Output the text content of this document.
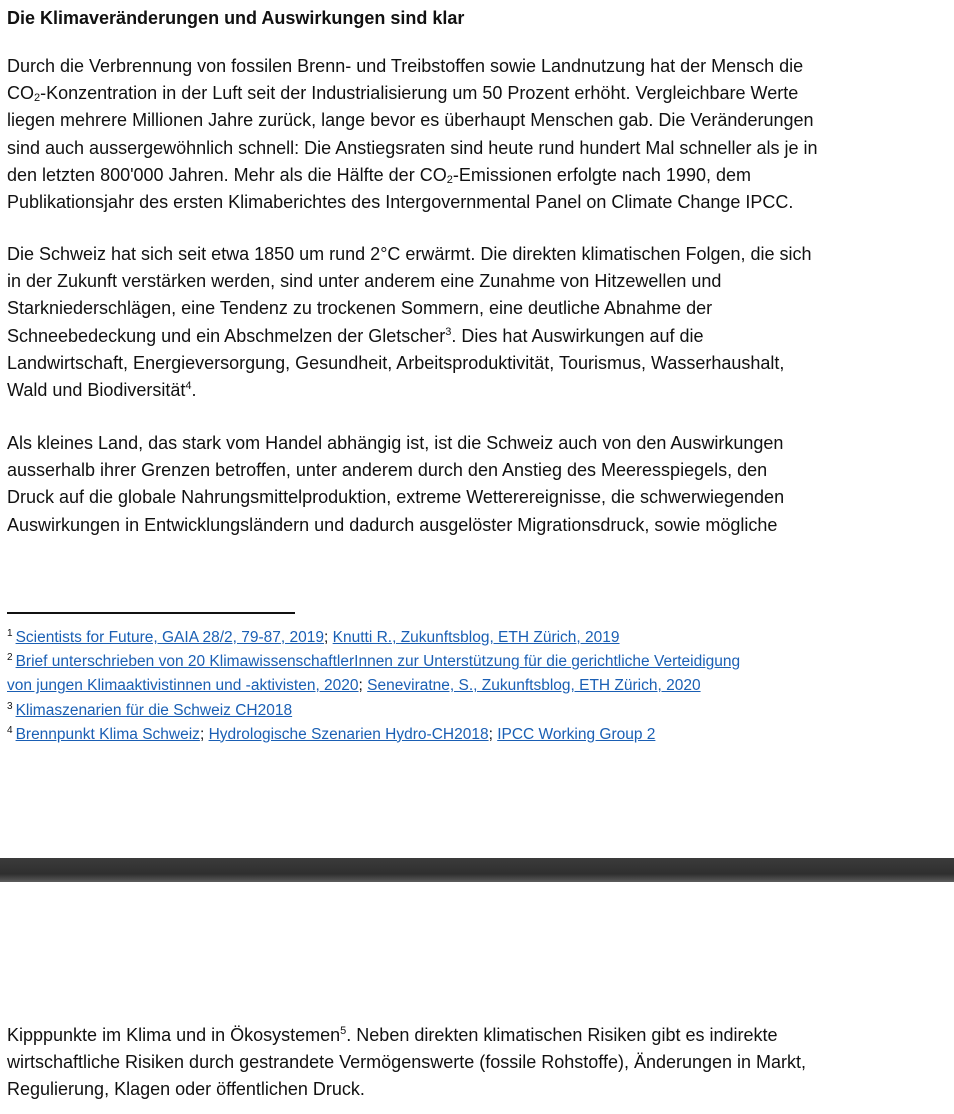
Die Klimaveränderungen und Auswirkungen sind klar

Durch die Verbrennung von fossilen Brenn- und Treibstoffen sowie Landnutzung hat der Mensch die
$CO_2$-Konzentration in der Luft seit der Industrialisierung um 50 Prozent erhöht. Vergleichbare Werte
liegen mehrere Millionen Jahre zurück, lange bevor es überhaupt Menschen gab. Die Veränderungen
sind auch aussergewöhnlich schnell: Die Anstiegsraten sind heute rund hundert Mal schneller als je in
den letzten 800'000 Jahren. Mehr als die Hälfte der $CO_2$-Emissionen erfolgte nach 1990, dem
Publikationsjahr des ersten Klimaberichtes des Intergovernmental Panel on Climate Change IPCC.

Die Schweiz hat sich seit etwa 1850 um rund 2°C erwärmt. Die direkten klimatischen Folgen, die sich
in der Zukunft verstärken werden, sind unter anderem eine Zunahme von Hitzewellen und
Starkniederschlägen, eine Tendenz zu trockenen Sommern, eine deutliche Abnahme der
Schneebedeckung und ein Abschmelzen der Gletscher$^3$. Dies hat Auswirkungen auf die
Landwirtschaft, Energieversorgung, Gesundheit, Arbeitsproduktivität, Tourismus, Wasserhaushalt,
Wald und Biodiversität$^4$.

Als kleines Land, das stark vom Handel abhängig ist, ist die Schweiz auch von den Auswirkungen
ausserhalb ihrer Grenzen betroffen, unter anderem durch den Anstieg des Meeresspiegels, den
Druck auf die globale Nahrungsmittelproduktion, extreme Wetterereignisse, die schwerwiegenden
Auswirkungen in Entwicklungsländern und dadurch ausgelöster Migrationsdruck, sowie mögliche

$^1$ Scientists for Future, GAIA 28/2, 79-87, 2019; Knutti R., Zukunftsblog, ETH Zürich, 2019
$^2$ Brief unterschrieben von 20 KlimawissenschaftlerInnen zur Unterstützung für die gerichtliche Verteidigung
von jungen Klimaaktivistinnen und -aktivisten, 2020; Seneviratne, S., Zukunftsblog, ETH Zürich, 2020
$^3$ Klimaszenarien für die Schweiz CH2018
$^4$ Brennpunkt Klima Schweiz; Hydrologische Szenarien Hydro-CH2018; IPCC Working Group 2

Kipppunkte im Klima und in Ökosystemen$^5$. Neben direkten klimatischen Risiken gibt es indirekte
wirtschaftliche Risiken durch gestrandete Vermögenswerte (fossile Rohstoffe), Änderungen in Markt,
Regulierung, Klagen oder öffentlichen Druck.
